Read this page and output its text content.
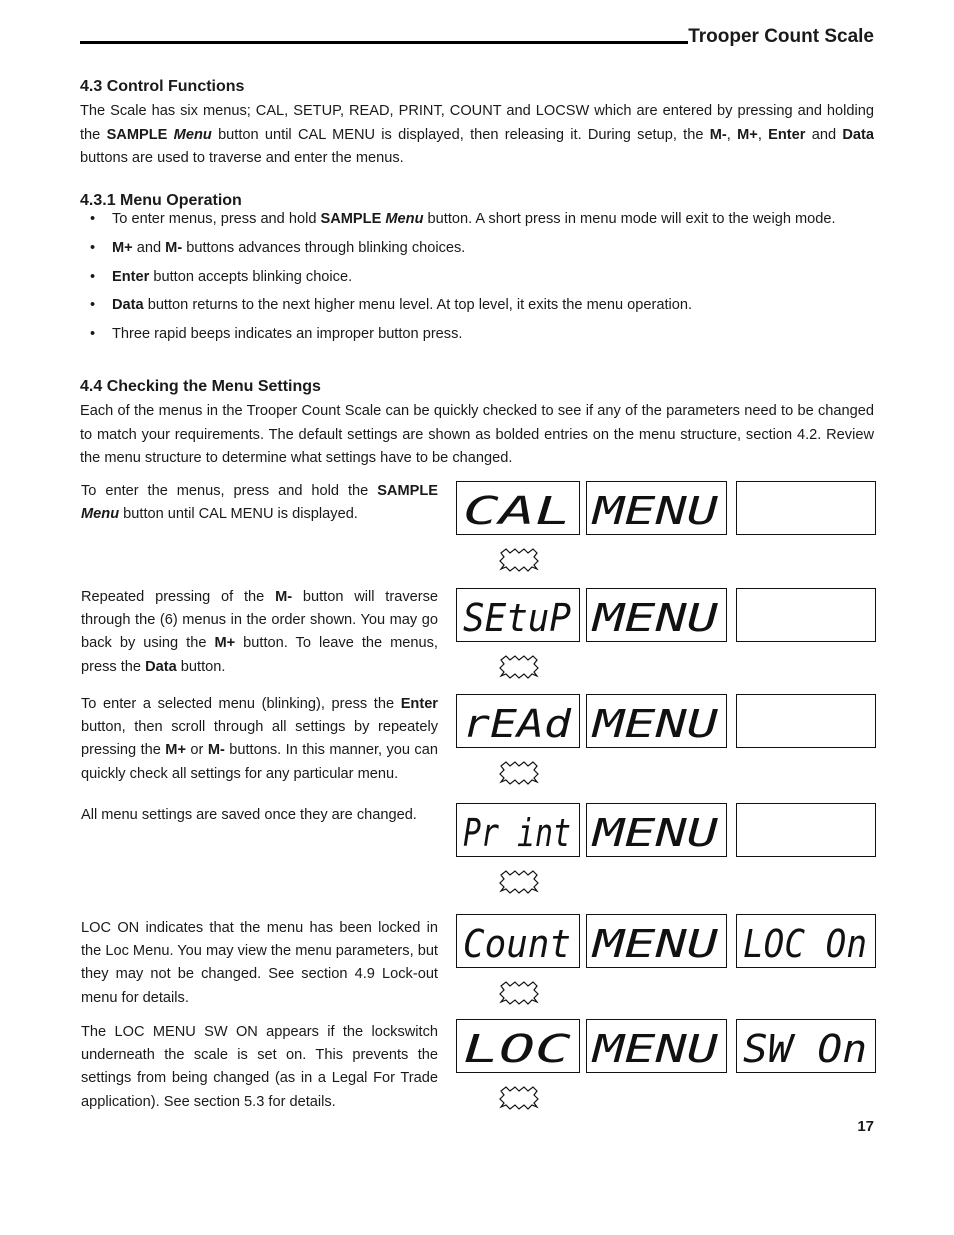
Trooper Count Scale
4.3 Control Functions
The Scale has six menus; CAL, SETUP, READ, PRINT, COUNT and LOCSW which are entered by pressing and holding the SAMPLE Menu button until CAL MENU is displayed, then releasing it. During setup, the M-, M+, Enter and Data buttons are used to traverse and enter the menus.
4.3.1 Menu Operation
• To enter menus, press and hold SAMPLE Menu button. A short press in menu mode will exit to the weigh mode.
• M+ and M- buttons advances through blinking choices.
• Enter button accepts blinking choice.
• Data button returns to the next higher menu level. At top level, it exits the menu operation.
• Three rapid beeps indicates an improper button press.
4.4 Checking the Menu Settings
Each of the menus in the Trooper Count Scale can be quickly checked to see if any of the parameters need to be changed to match your requirements. The default settings are shown as bolded entries on the menu structure, section 4.2. Review the menu structure to determine what settings have to be changed.
To enter the menus, press and hold the SAMPLE Menu button until CAL MENU is displayed.
Repeated pressing of the M- button will traverse through the (6) menus in the order shown. You may go back by using the M+ button. To leave the menus, press the Data button.
To enter a selected menu (blinking), press the Enter button, then scroll through all settings by repeately pressing the M+ or M- buttons. In this manner, you can quickly check all settings for any particular menu.
All menu settings are saved once they are changed.
LOC ON indicates that the menu has been locked in the Loc Menu. You may view the menu parameters, but they may not be changed. See section 4.9 Lock-out menu for details.
The LOC MENU SW ON appears if the lockswitch underneath the scale is set on. This prevents the settings from being changed (as in a Legal For Trade application). See section 5.3 for details.
CAL MENU
SEtuP MENU
rEAd MENU
Pr int MENU
Count MENU LOC On
LOC MENU SW On
17
